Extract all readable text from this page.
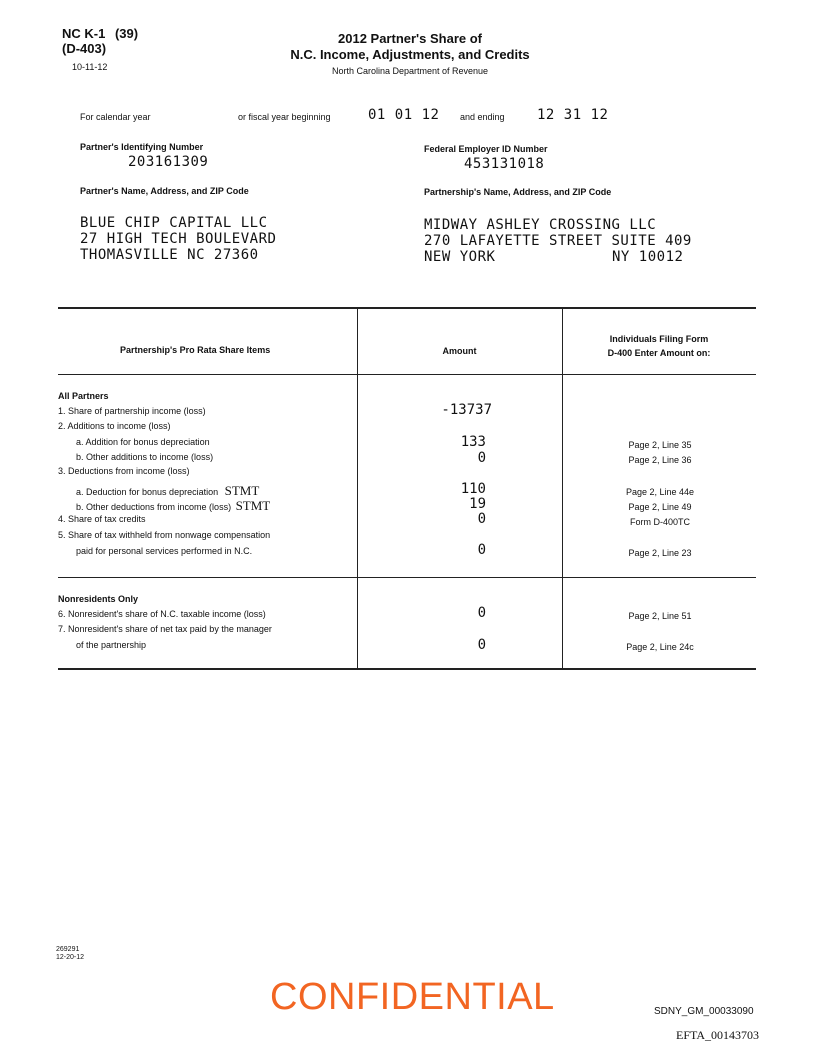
NC K-1 (39)
(D-403)
10-11-12
2012 Partner's Share of
N.C. Income, Adjustments, and Credits
North Carolina Department of Revenue
For calendar year	or fiscal year beginning	01 01 12 and ending 12 31 12
Partner's Identifying Number
203161309
Federal Employer ID Number
453131018
Partner's Name, Address, and ZIP Code	Partnership's Name, Address, and ZIP Code
BLUE CHIP CAPITAL LLC
27 HIGH TECH BOULEVARD
THOMASVILLE NC 27360
MIDWAY ASHLEY CROSSING LLC
270 LAFAYETTE STREET SUITE 409
NEW YORK	NY 10012
Partnership's Pro Rata Share Items	Amount
Individuals Filing Form
D-400 Enter Amount on:
All Partners
1. Share of partnership income (loss)	-13737
2. Additions to income (loss)
a. Addition for bonus depreciation	133	Page 2, Line 35
b. Other additions to income (loss)	0	Page 2, Line 36
3. Deductions from income (loss)
a. Deduction for bonus depreciation STMT	110	Page 2, Line 44e
b. Other deductions from income (loss) STMT	19	Page 2, Line 49
4. Share of tax credits	0	Form D-400TC
5. Share of tax withheld from nonwage compensation
paid for personal services performed in N.C.	0	Page 2, Line 23
Nonresidents Only
6. Nonresident's share of N.C. taxable income (loss)	0	Page 2, Line 51
7. Nonresident's share of net tax paid by the manager
of the partnership	0	Page 2, Line 24c
269291
12-20-12
CONFIDENTIAL	SDNY_GM_00033090
EFTA_00143703
